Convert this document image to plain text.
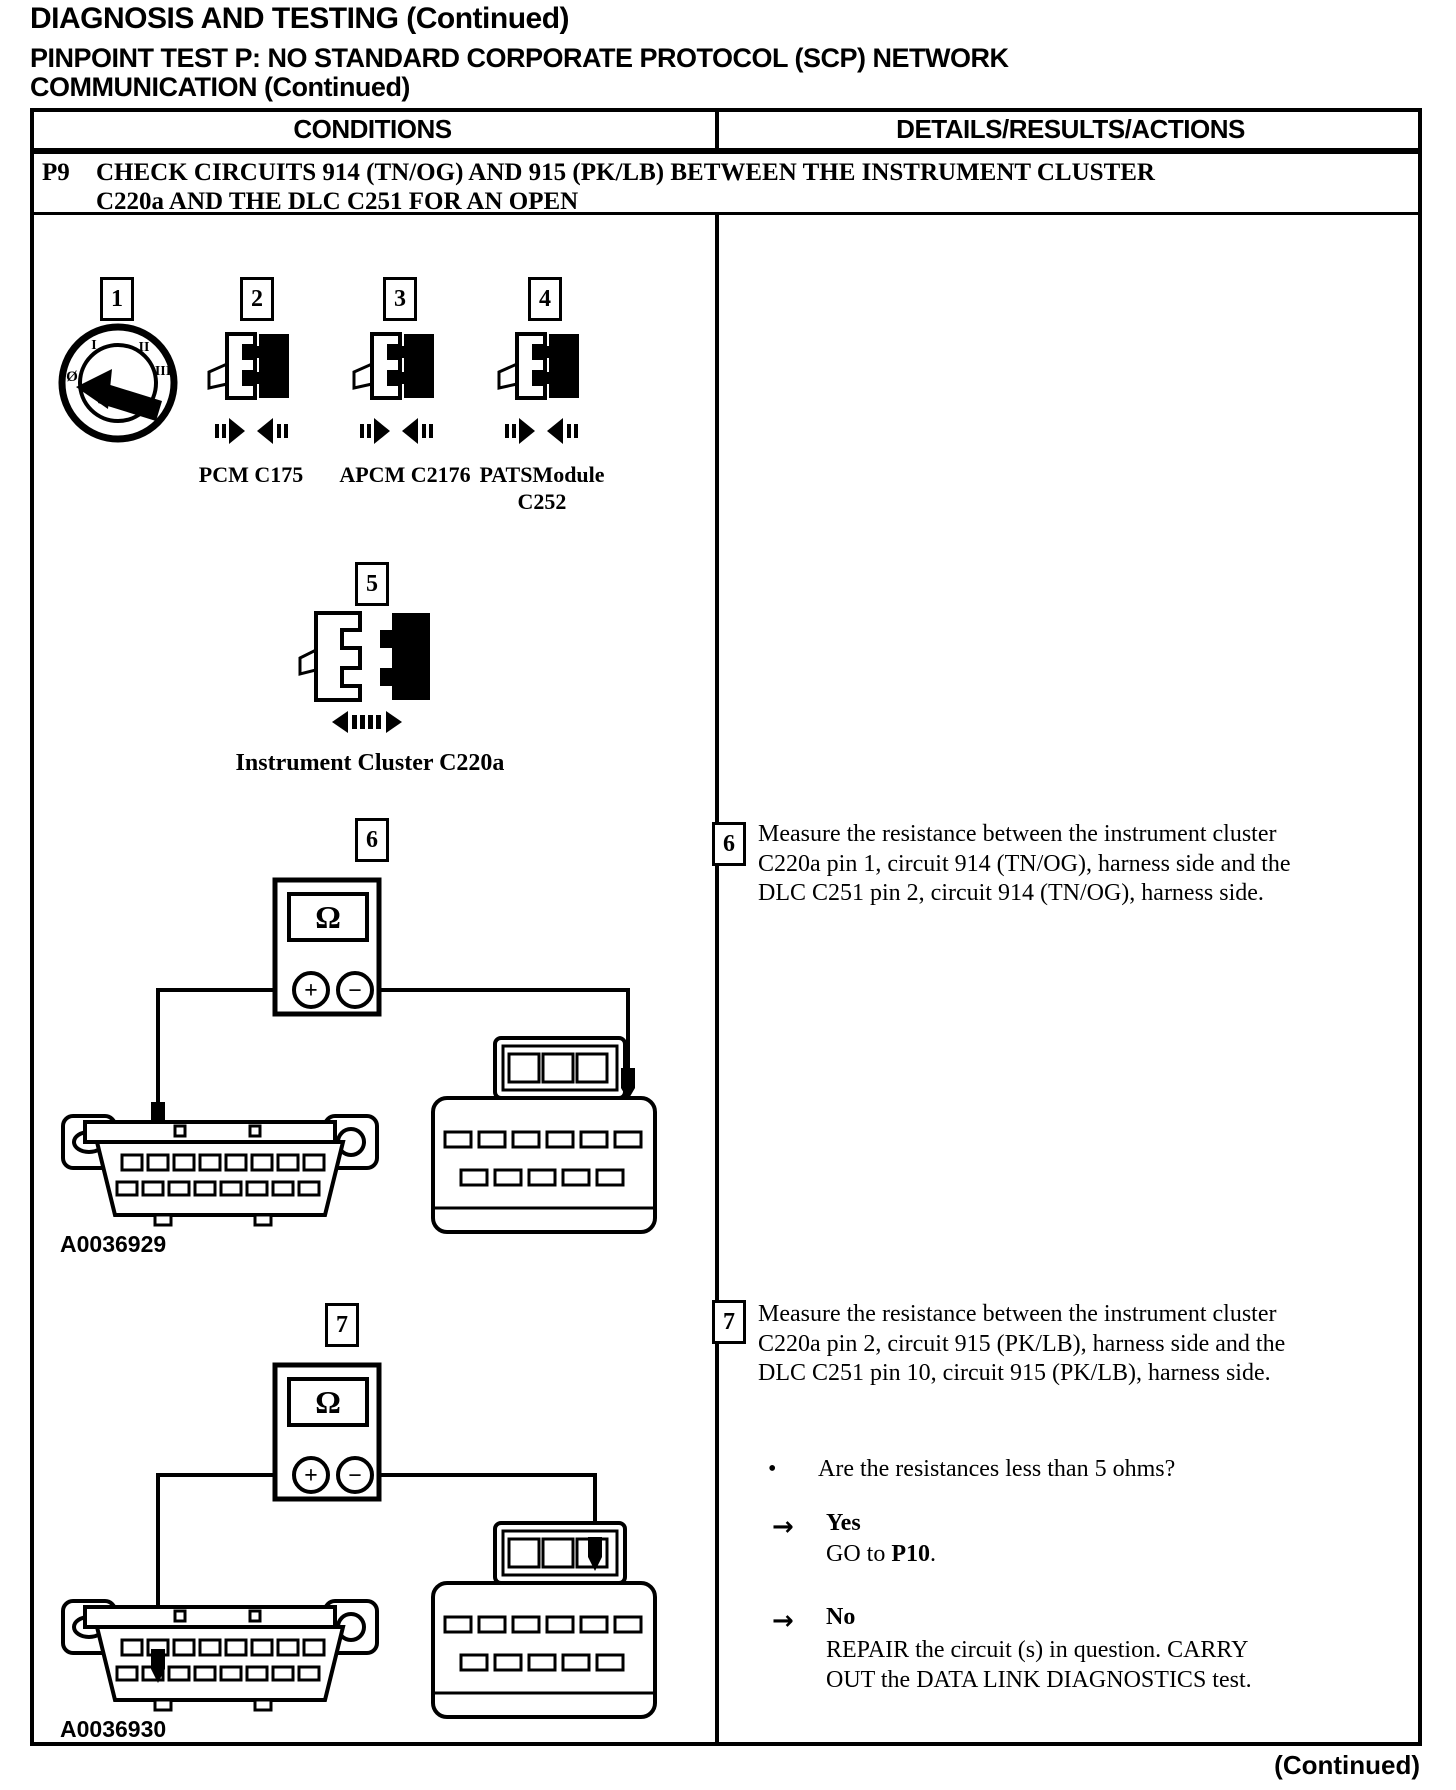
DIAGNOSIS AND TESTING (Continued)
PINPOINT TEST P: NO STANDARD CORPORATE PROTOCOL (SCP) NETWORK COMMUNICATION (Continued)
CONDITIONS	DETAILS/RESULTS/ACTIONS
P9	CHECK CIRCUITS 914 (TN/OG) AND 915 (PK/LB) BETWEEN THE INSTRUMENT CLUSTER C220a AND THE DLC C251 FOR AN OPEN
1	2	3	4
5
6
7
Ø
I	II
III
PCM C175	APCM C2176 PATSModule
C252
Instrument Cluster C220a
Ω
+ −
A0036929
Ω
+ −
A0036930
6 Measure the resistance between the instrument cluster C220a pin 1, circuit 914 (TN/OG), harness side and the DLC C251 pin 2, circuit 914 (TN/OG), harness side.
7 Measure the resistance between the instrument cluster C220a pin 2, circuit 915 (PK/LB), harness side and the DLC C251 pin 10, circuit 915 (PK/LB), harness side.
• Are the resistances less than 5 ohms?
→ Yes
GO to P10.
→ No
REPAIR the circuit (s) in question. CARRY OUT the DATA LINK DIAGNOSTICS test.
(Continued)
